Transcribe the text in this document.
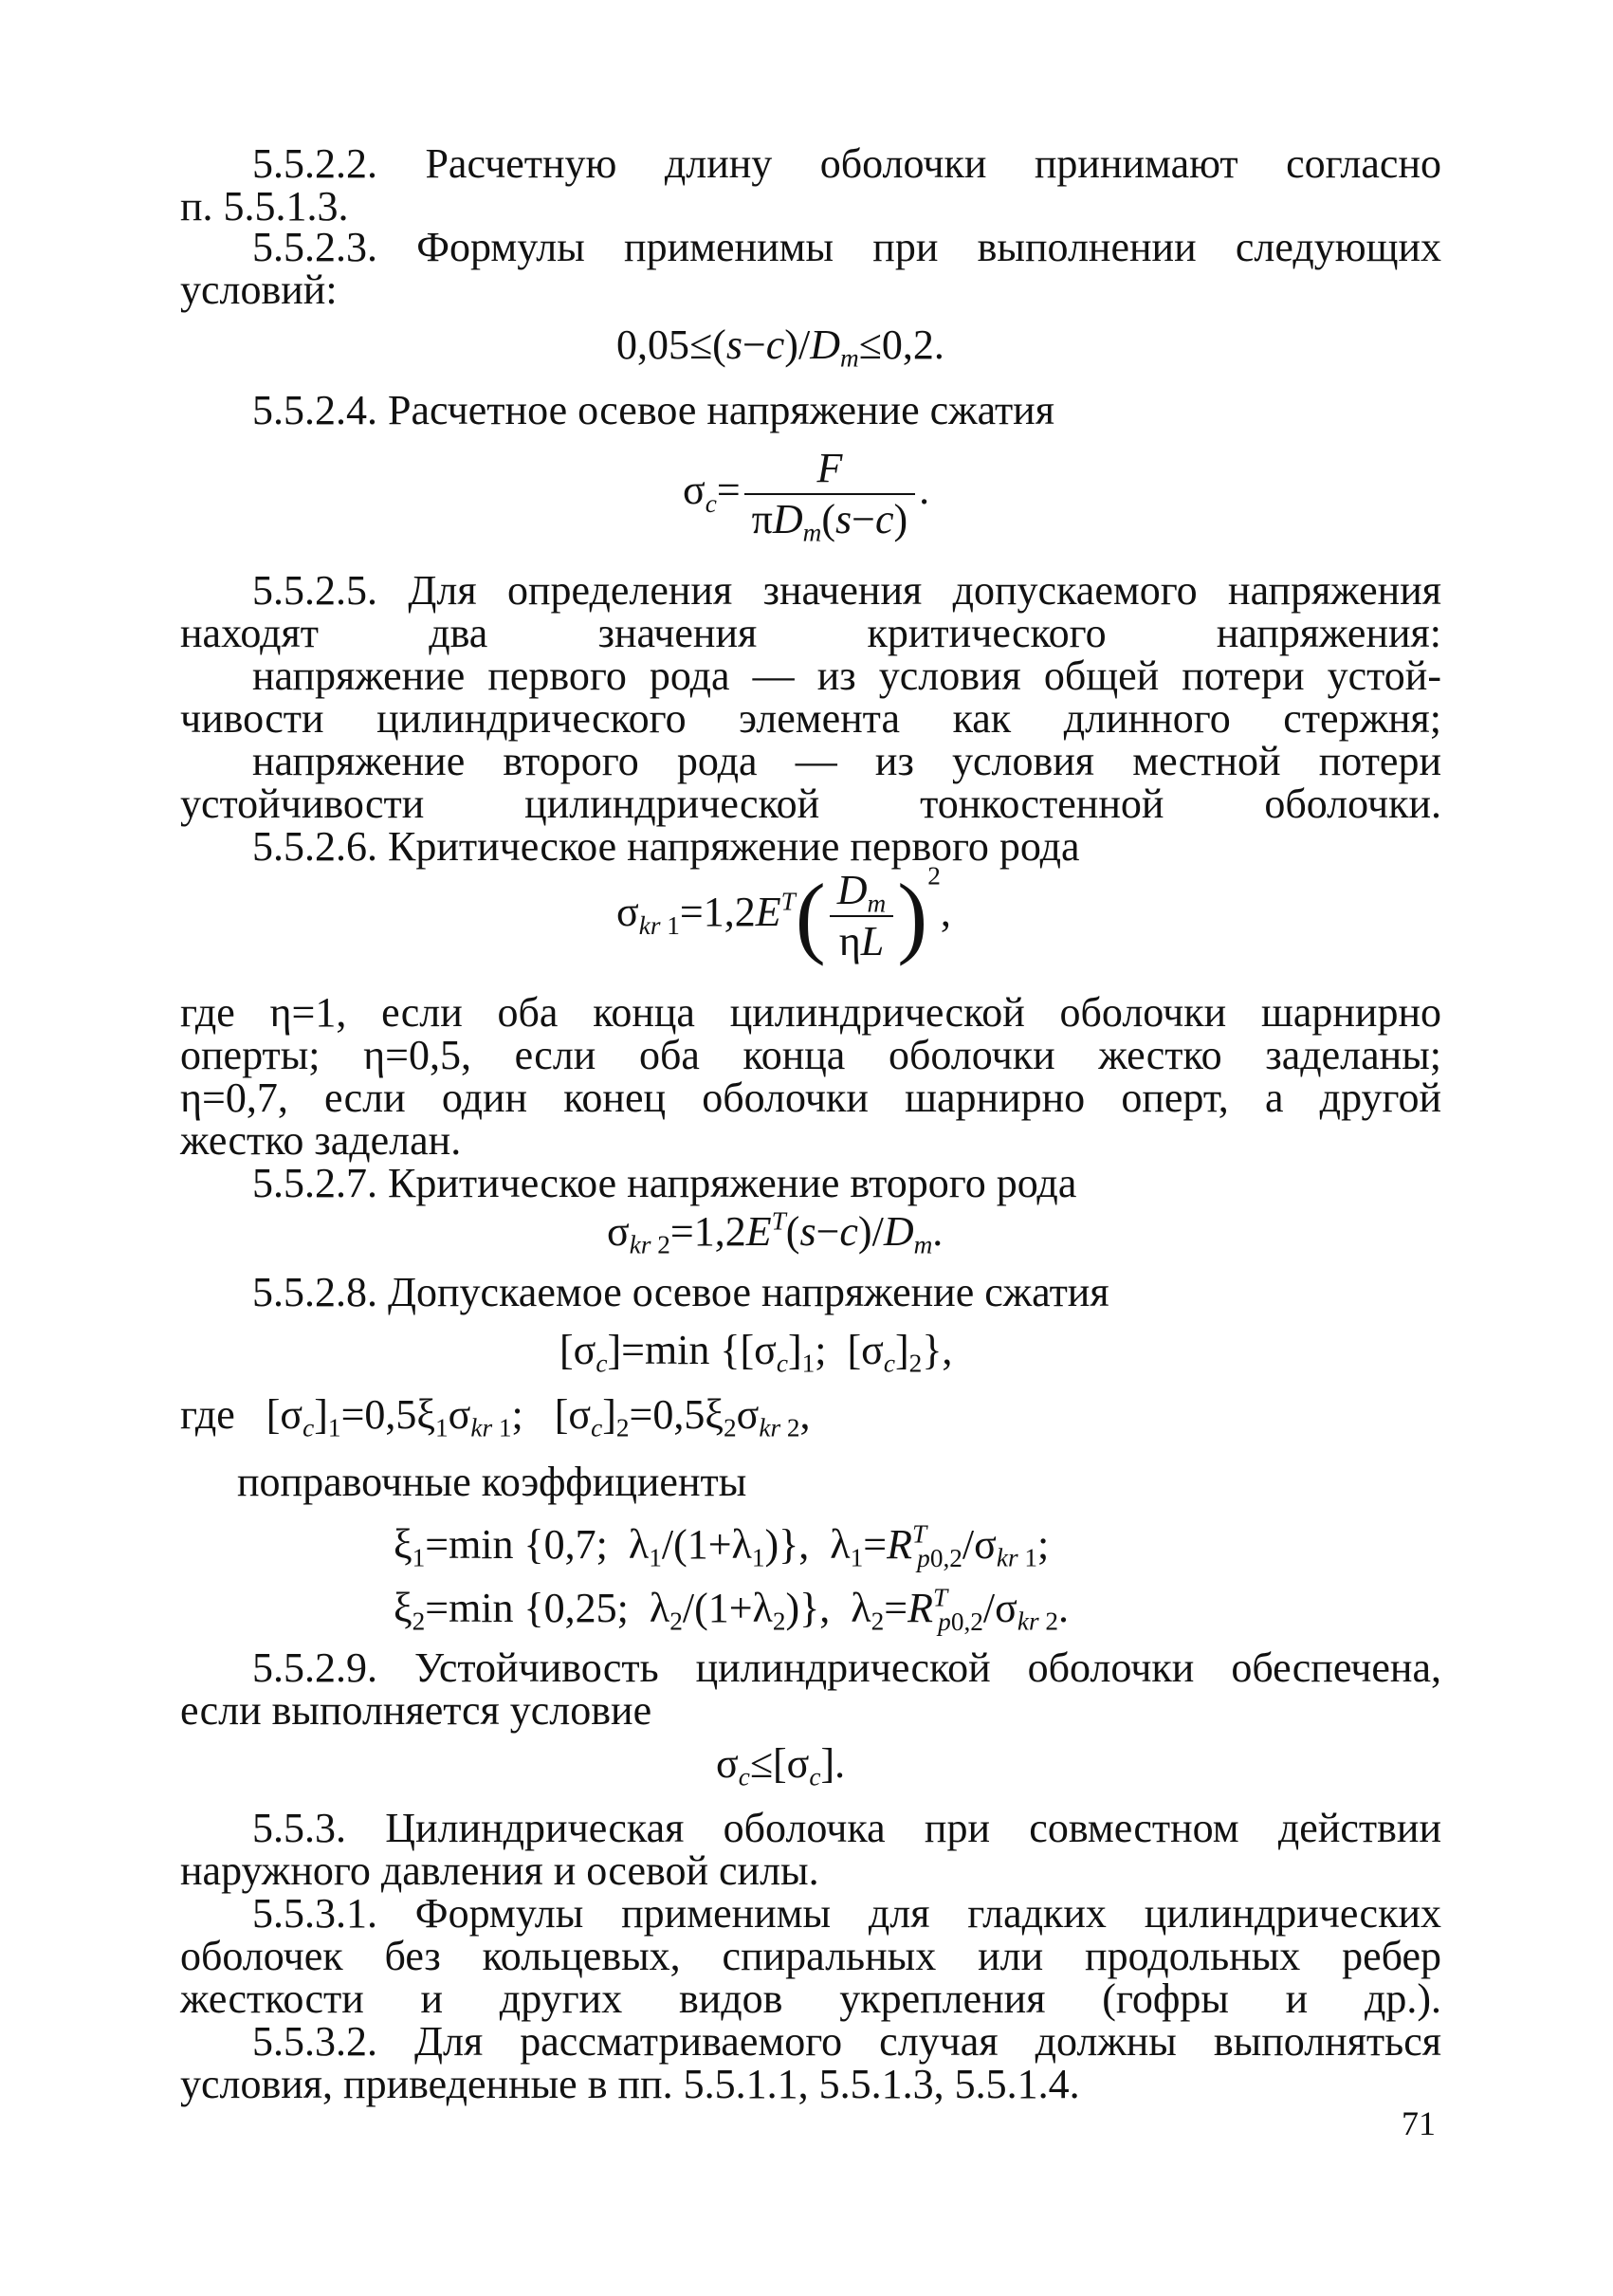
5.5.2.2. Расчетную длину оболочки принимают согласно
п. 5.5.1.3.
5.5.2.3. Формулы применимы при выполнении следующих
условий:
$0,05\le(s-c)/D_m\le 0,2$.
5.5.2.4. Расчетное осевое напряжение сжатия
$\sigma_c= \frac{F}{\pi D_m(s-c)}$ .
5.5.2.5. Для определения значения допускаемого напряжения
находят два значения критического напряжения:
напряжение первого рода — из условия общей потери устой-
чивости цилиндрического элемента как длинного стержня;
напряжение второго рода — из условия местной потери
устойчивости цилиндрической тонкостенной оболочки.
5.5.2.6. Критическое напряжение первого рода
$\sigma_{kr 1}=1,2E^T( \frac{D_m}{\eta L} )^2$,
где η=1, если оба конца цилиндрической оболочки шарнирно
оперты; η=0,5, если оба конца оболочки жестко заделаны;
η=0,7, если один конец оболочки шарнирно оперт, а другой
жестко заделан.
5.5.2.7. Критическое напряжение второго рода
$\sigma_{kr 2}=1,2E^T(s-c)/D_m$.
5.5.2.8. Допускаемое осевое напряжение сжатия
$[\sigma_c]=\min$ {$[\sigma_c]_1$;  $[\sigma_c]_2$},
где   $[\sigma_c]_1=0,5\xi_1\sigma_{kr 1}$;   $[\sigma_c]_2=0,5\xi_2\sigma_{kr 2}$,
поправочные коэффициенты
$\xi_1=\min$ {0,7;  $\lambda_1/(1+\lambda_1)$},  $\lambda_1=R^T_{p0,2}/\sigma_{kr 1}$;
$\xi_2=\min$ {0,25;  $\lambda_2/(1+\lambda_2)$},  $\lambda_2=R^T_{p0,2}/\sigma_{kr 2}$.
5.5.2.9. Устойчивость цилиндрической оболочки обеспечена,
если выполняется условие
$\sigma_c\le[\sigma_c]$.
5.5.3. Цилиндрическая оболочка при совместном действии
наружного давления и осевой силы.
5.5.3.1. Формулы применимы для гладких цилиндрических
оболочек без кольцевых, спиральных или продольных ребер
жесткости и других видов укрепления (гофры и др.).
5.5.3.2. Для рассматриваемого случая должны выполняться
условия, приведенные в пп. 5.5.1.1, 5.5.1.3, 5.5.1.4.
71
